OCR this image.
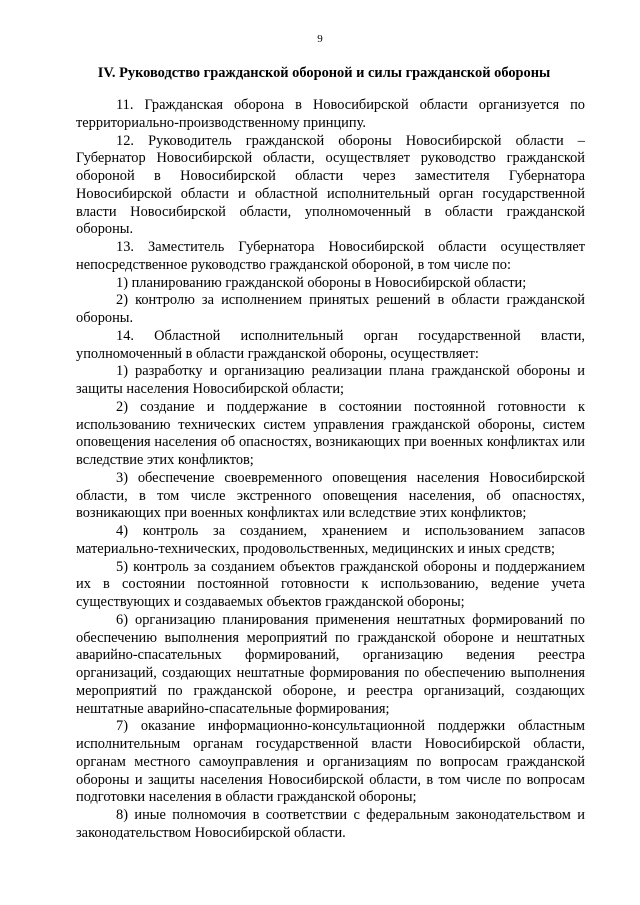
9
IV. Руководство гражданской обороной и силы гражданской обороны

11. Гражданская оборона в Новосибирской области организуется по территориально-производственному принципу.

12. Руководитель гражданской обороны Новосибирской области – Губернатор Новосибирской области, осуществляет руководство гражданской обороной в Новосибирской области через заместителя Губернатора Новосибирской области и областной исполнительный орган государственной власти Новосибирской области, уполномоченный в области гражданской обороны.

13. Заместитель Губернатора Новосибирской области осуществляет непосредственное руководство гражданской обороной, в том числе по:

1) планированию гражданской обороны в Новосибирской области;

2) контролю за исполнением принятых решений в области гражданской обороны.

14. Областной исполнительный орган государственной власти, уполномоченный в области гражданской обороны, осуществляет:

1) разработку и организацию реализации плана гражданской обороны и защиты населения Новосибирской области;

2) создание и поддержание в состоянии постоянной готовности к использованию технических систем управления гражданской обороны, систем оповещения населения об опасностях, возникающих при военных конфликтах или вследствие этих конфликтов;

3) обеспечение своевременного оповещения населения Новосибирской области, в том числе экстренного оповещения населения, об опасностях, возникающих при военных конфликтах или вследствие этих конфликтов;

4) контроль за созданием, хранением и использованием запасов материально-технических, продовольственных, медицинских и иных средств;

5) контроль за созданием объектов гражданской обороны и поддержанием их в состоянии постоянной готовности к использованию, ведение учета существующих и создаваемых объектов гражданской обороны;

6) организацию планирования применения нештатных формирований по обеспечению выполнения мероприятий по гражданской обороне и нештатных аварийно-спасательных формирований, организацию ведения реестра организаций, создающих нештатные формирования по обеспечению выполнения мероприятий по гражданской обороне, и реестра организаций, создающих нештатные аварийно-спасательные формирования;

7) оказание информационно-консультационной поддержки областным исполнительным органам государственной власти Новосибирской области, органам местного самоуправления и организациям по вопросам гражданской обороны и защиты населения Новосибирской области, в том числе по вопросам подготовки населения в области гражданской обороны;

8) иные полномочия в соответствии с федеральным законодательством и законодательством Новосибирской области.
